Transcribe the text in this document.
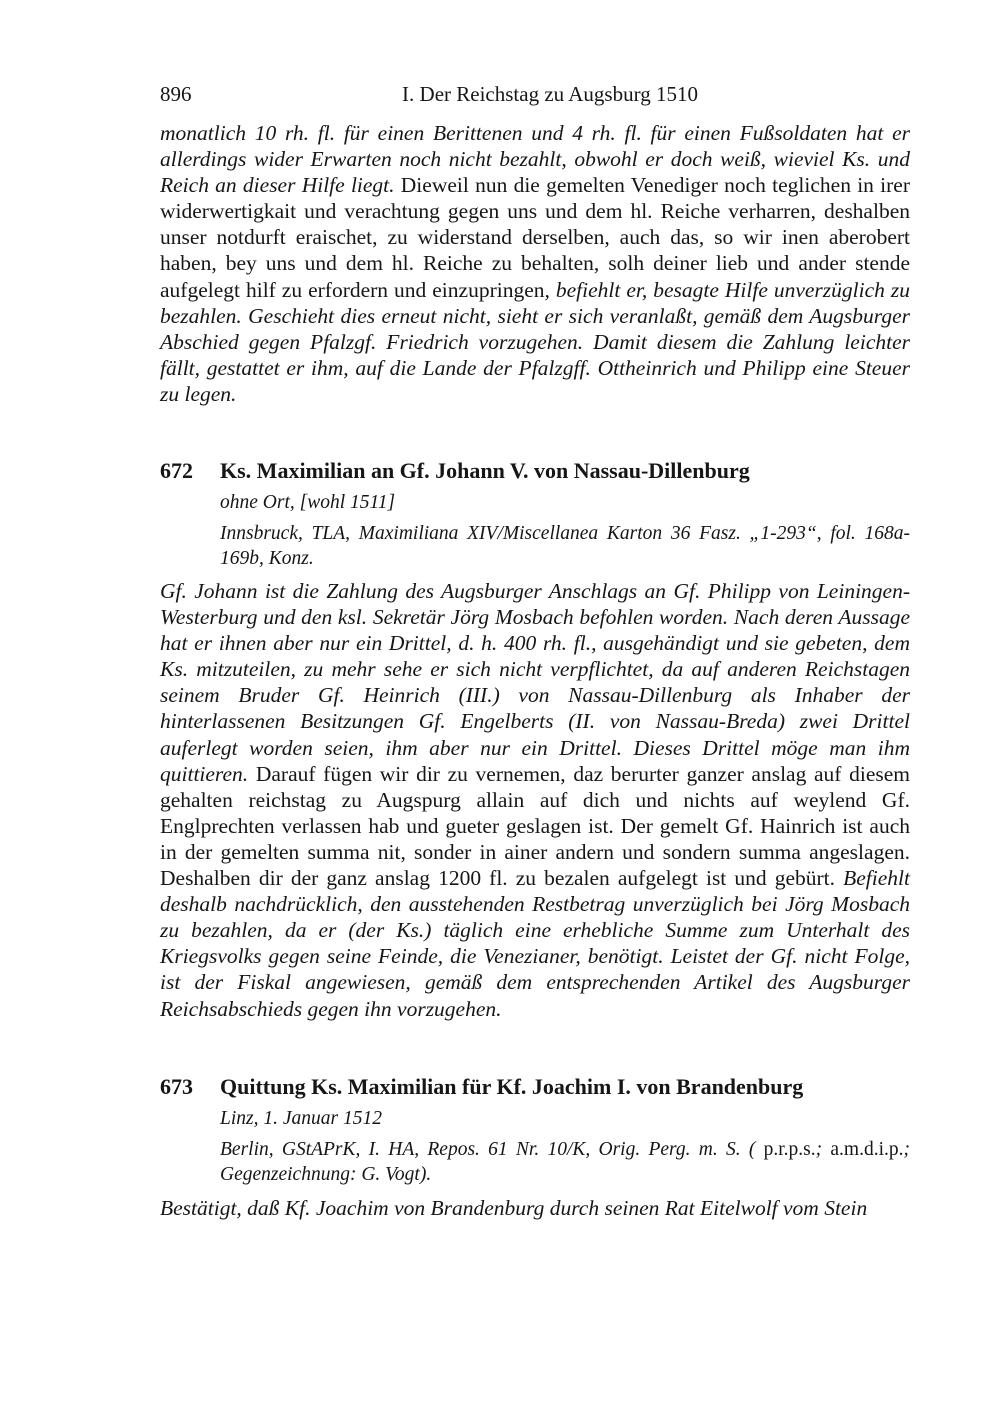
896	I. Der Reichstag zu Augsburg 1510

monatlich 10 rh. fl. für einen Berittenen und 4 rh. fl. für einen Fußsoldaten hat er allerdings wider Erwarten noch nicht bezahlt, obwohl er doch weiß, wieviel Ks. und Reich an dieser Hilfe liegt. Dieweil nun die gemelten Venediger noch teglichen in irer widerwertigkait und verachtung gegen uns und dem hl. Reiche verharren, deshalben unser notdurft eraischet, zu widerstand derselben, auch das, so wir inen aberobert haben, bey uns und dem hl. Reiche zu behalten, solh deiner lieb und ander stende aufgelegt hilf zu erfordern und einzupringen, befiehlt er, besagte Hilfe unverzüglich zu bezahlen. Geschieht dies erneut nicht, sieht er sich veranlaßt, gemäß dem Augsburger Abschied gegen Pfalzgf. Friedrich vorzugehen. Damit diesem die Zahlung leichter fällt, gestattet er ihm, auf die Lande der Pfalzgff. Ottheinrich und Philipp eine Steuer zu legen.

672 Ks. Maximilian an Gf. Johann V. von Nassau-Dillenburg
ohne Ort, [wohl 1511]
Innsbruck, TLA, Maximiliana XIV/Miscellanea Karton 36 Fasz. „1-293“, fol. 168a-169b, Konz.

Gf. Johann ist die Zahlung des Augsburger Anschlags an Gf. Philipp von Leiningen-Westerburg und den ksl. Sekretär Jörg Mosbach befohlen worden. Nach deren Aussage hat er ihnen aber nur ein Drittel, d. h. 400 rh. fl., ausgehändigt und sie gebeten, dem Ks. mitzuteilen, zu mehr sehe er sich nicht verpflichtet, da auf anderen Reichstagen seinem Bruder Gf. Heinrich (III.) von Nassau-Dillenburg als Inhaber der hinterlassenen Besitzungen Gf. Engelberts (II. von Nassau-Breda) zwei Drittel auferlegt worden seien, ihm aber nur ein Drittel. Dieses Drittel möge man ihm quittieren. Darauf fügen wir dir zu vernemen, daz berurter ganzer anslag auf diesem gehalten reichstag zu Augspurg allain auf dich und nichts auf weylend Gf. Englprechten verlassen hab und gueter geslagen ist. Der gemelt Gf. Hainrich ist auch in der gemelten summa nit, sonder in ainer andern und sondern summa angeslagen. Deshalben dir der ganz anslag 1200 fl. zu bezalen aufgelegt ist und gebürt. Befiehlt deshalb nachdrücklich, den ausstehenden Restbetrag unverzüglich bei Jörg Mosbach zu bezahlen, da er (der Ks.) täglich eine erhebliche Summe zum Unterhalt des Kriegsvolks gegen seine Feinde, die Venezianer, benötigt. Leistet der Gf. nicht Folge, ist der Fiskal angewiesen, gemäß dem entsprechenden Artikel des Augsburger Reichsabschieds gegen ihn vorzugehen.

673 Quittung Ks. Maximilian für Kf. Joachim I. von Brandenburg
Linz, 1. Januar 1512
Berlin, GStAPrK, I. HA, Repos. 61 Nr. 10/K, Orig. Perg. m. S. ( p.r.p.s.; a.m.d.i.p.; Gegenzeichnung: G. Vogt).

Bestätigt, daß Kf. Joachim von Brandenburg durch seinen Rat Eitelwolf vom Stein
